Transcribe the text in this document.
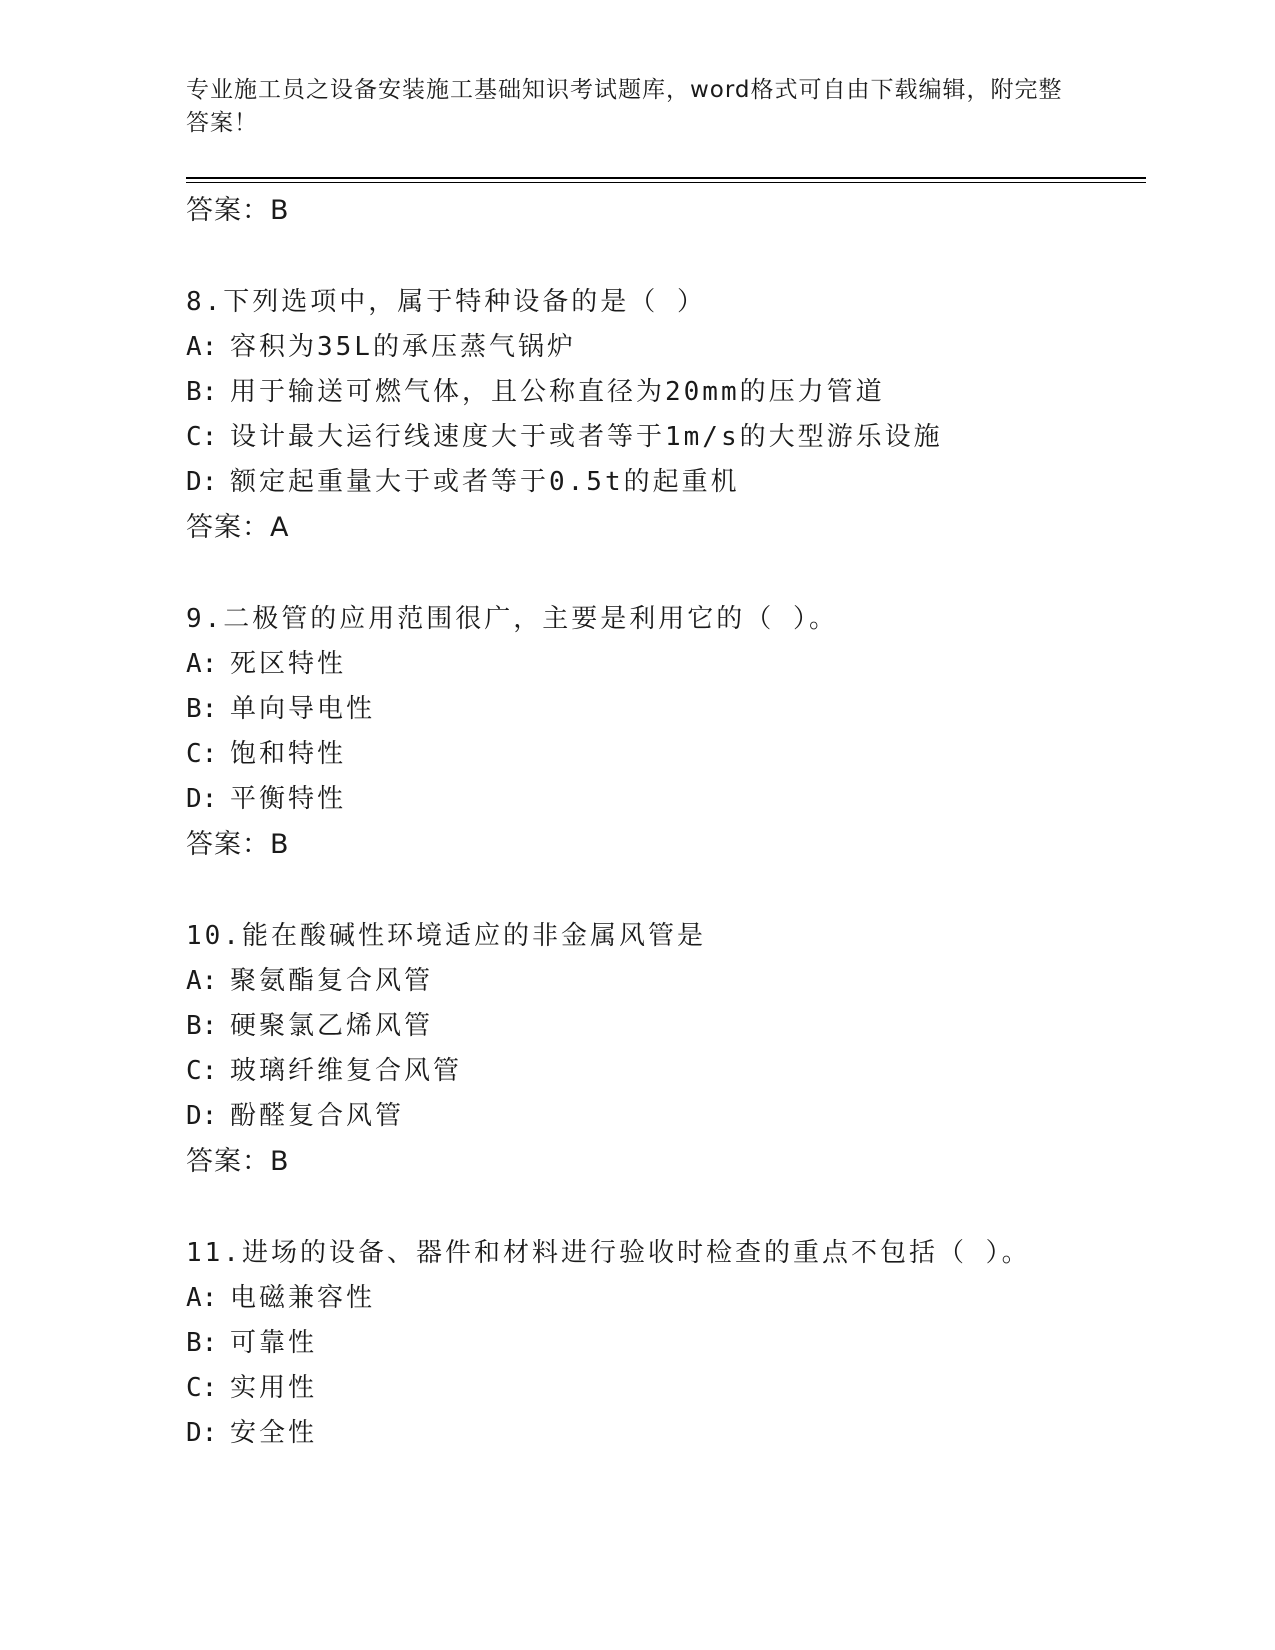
专业施工员之设备安装施工基础知识考试题库，word格式可自由下载编辑，附完整答案！
答案：B
8.下列选项中，属于特种设备的是（ ）
A: 容积为35L的承压蒸气锅炉
B: 用于输送可燃气体，且公称直径为20mm的压力管道
C: 设计最大运行线速度大于或者等于1m/s的大型游乐设施
D: 额定起重量大于或者等于0.5t的起重机
答案：A
9.二极管的应用范围很广，主要是利用它的（ ）。
A: 死区特性
B: 单向导电性
C: 饱和特性
D: 平衡特性
答案：B
10.能在酸碱性环境适应的非金属风管是
A: 聚氨酯复合风管
B: 硬聚氯乙烯风管
C: 玻璃纤维复合风管
D: 酚醛复合风管
答案：B
11.进场的设备、器件和材料进行验收时检查的重点不包括（ ）。
A: 电磁兼容性
B: 可靠性
C: 实用性
D: 安全性
